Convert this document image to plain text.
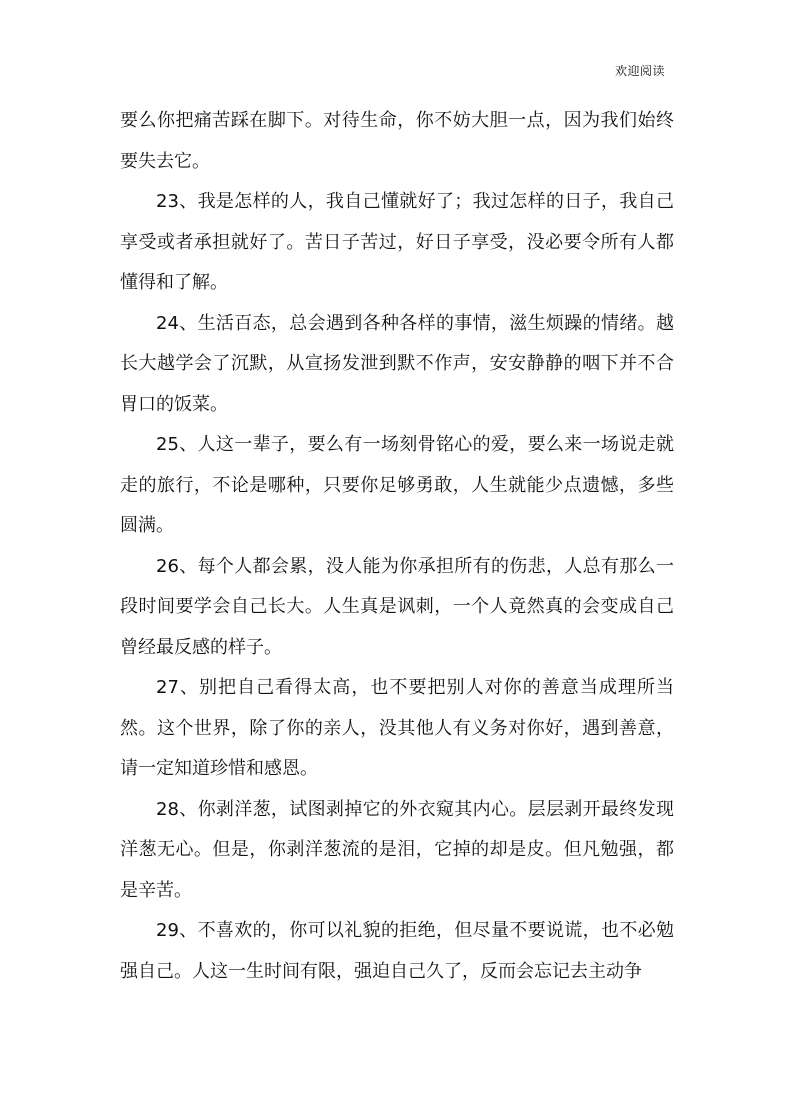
欢迎阅读

要么你把痛苦踩在脚下。对待生命，你不妨大胆一点，因为我们始终要失去它。

23、我是怎样的人，我自己懂就好了；我过怎样的日子，我自己享受或者承担就好了。苦日子苦过，好日子享受，没必要令所有人都懂得和了解。

24、生活百态，总会遇到各种各样的事情，滋生烦躁的情绪。越长大越学会了沉默，从宣扬发泄到默不作声，安安静静的咽下并不合胃口的饭菜。

25、人这一辈子，要么有一场刻骨铭心的爱，要么来一场说走就走的旅行，不论是哪种，只要你足够勇敢，人生就能少点遗憾，多些圆满。

26、每个人都会累，没人能为你承担所有的伤悲，人总有那么一段时间要学会自己长大。人生真是讽刺，一个人竟然真的会变成自己曾经最反感的样子。

27、别把自己看得太高，也不要把别人对你的善意当成理所当然。这个世界，除了你的亲人，没其他人有义务对你好，遇到善意，请一定知道珍惜和感恩。

28、你剥洋葱，试图剥掉它的外衣窥其内心。层层剥开最终发现洋葱无心。但是，你剥洋葱流的是泪，它掉的却是皮。但凡勉强，都是辛苦。

29、不喜欢的，你可以礼貌的拒绝，但尽量不要说谎，也不必勉强自己。人这一生时间有限，强迫自己久了，反而会忘记去主动争
